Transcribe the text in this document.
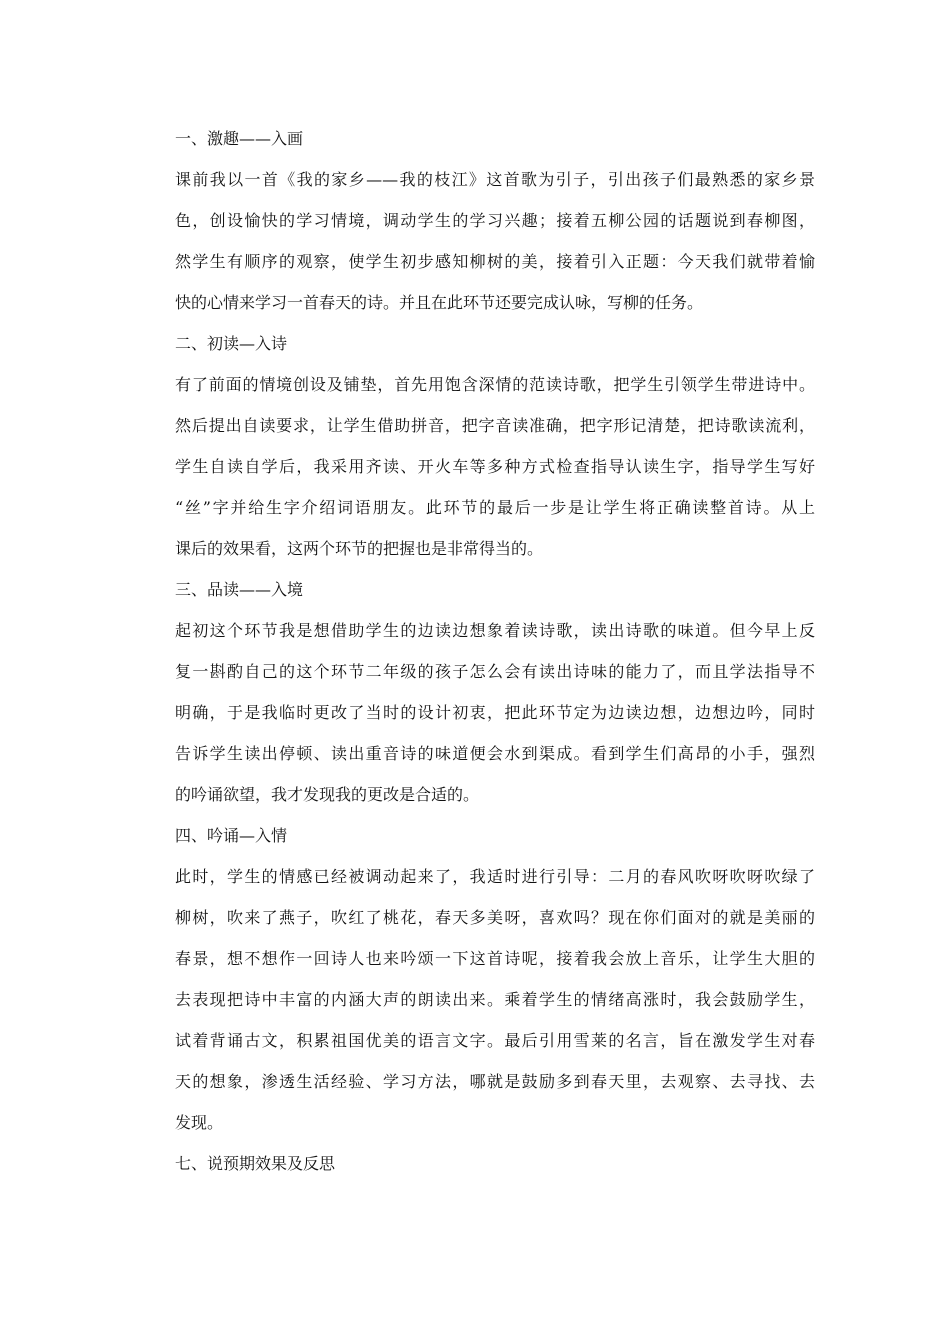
一、激趣——入画
课前我以一首《我的家乡——我的枝江》这首歌为引子，引出孩子们最熟悉的家乡景
色，创设愉快的学习情境，调动学生的学习兴趣；接着五柳公园的话题说到春柳图，
然学生有顺序的观察，使学生初步感知柳树的美，接着引入正题：今天我们就带着愉
快的心情来学习一首春天的诗。并且在此环节还要完成认咏，写柳的任务。
二、初读—入诗
有了前面的情境创设及铺垫，首先用饱含深情的范读诗歌，把学生引领学生带进诗中。
然后提出自读要求，让学生借助拼音，把字音读准确，把字形记清楚，把诗歌读流利，
学生自读自学后，我采用齐读、开火车等多种方式检查指导认读生字，指导学生写好
“丝”字并给生字介绍词语朋友。此环节的最后一步是让学生将正确读整首诗。从上
课后的效果看，这两个环节的把握也是非常得当的。
三、品读——入境
起初这个环节我是想借助学生的边读边想象着读诗歌，读出诗歌的味道。但今早上反
复一斟酌自己的这个环节二年级的孩子怎么会有读出诗味的能力了，而且学法指导不
明确，于是我临时更改了当时的设计初衷，把此环节定为边读边想，边想边吟，同时
告诉学生读出停顿、读出重音诗的味道便会水到渠成。看到学生们高昂的小手，强烈
的吟诵欲望，我才发现我的更改是合适的。
四、吟诵—入情
此时，学生的情感已经被调动起来了，我适时进行引导：二月的春风吹呀吹呀吹绿了
柳树，吹来了燕子，吹红了桃花，春天多美呀，喜欢吗？现在你们面对的就是美丽的
春景，想不想作一回诗人也来吟颂一下这首诗呢，接着我会放上音乐，让学生大胆的
去表现把诗中丰富的内涵大声的朗读出来。乘着学生的情绪高涨时，我会鼓励学生，
试着背诵古文，积累祖国优美的语言文字。最后引用雪莱的名言，旨在激发学生对春
天的想象，渗透生活经验、学习方法，哪就是鼓励多到春天里，去观察、去寻找、去
发现。
七、说预期效果及反思
